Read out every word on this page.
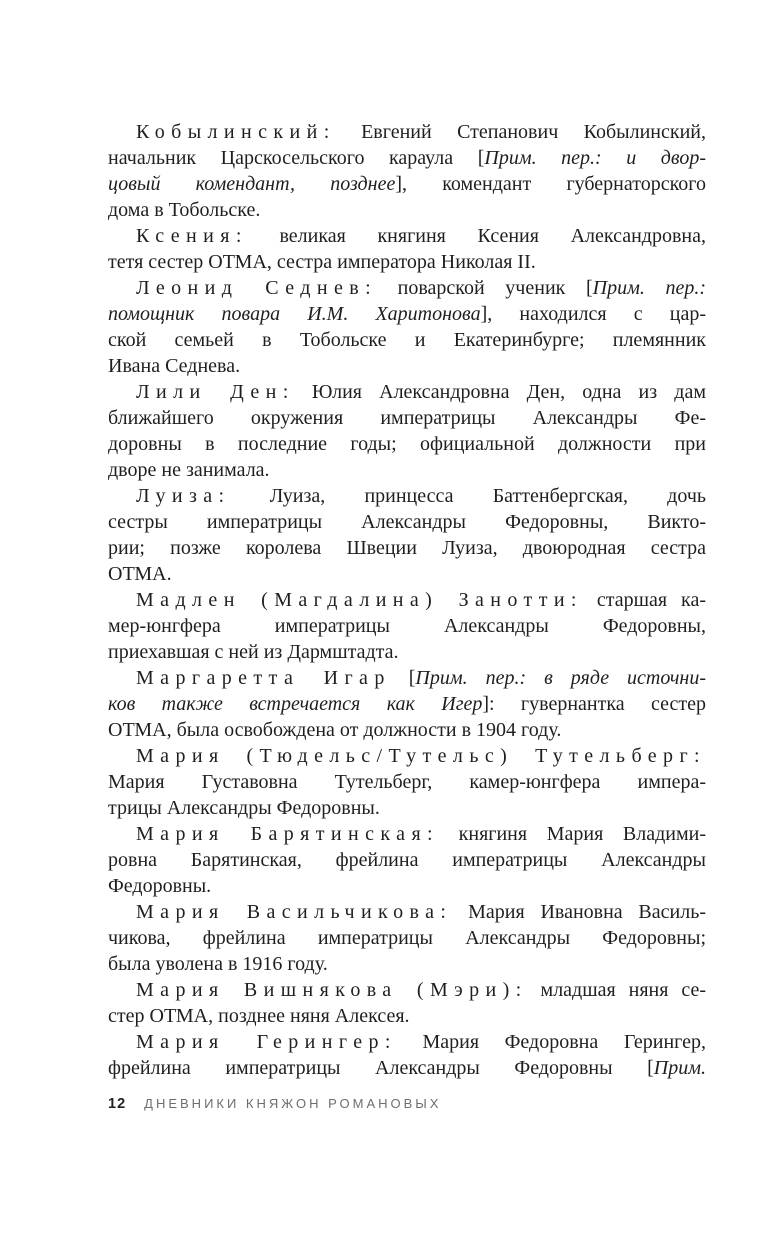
Кобылинский: Евгений Степанович Кобылинский,
начальник Царскосельского караула [Прим. пер.: и двор-
цовый комендант, позднее], комендант губернаторского
дома в Тобольске.
Ксения: великая княгиня Ксения Александровна,
тетя сестер ОТМА, сестра императора Николая II.
Леонид Седнев: поварской ученик [Прим. пер.:
помощник повара И.М. Харитонова], находился с цар-
ской семьей в Тобольске и Екатеринбурге; племянник
Ивана Седнева.
Лили Ден: Юлия Александровна Ден, одна из дам
ближайшего окружения императрицы Александры Фе-
доровны в последние годы; официальной должности при
дворе не занимала.
Луиза: Луиза, принцесса Баттенбергская, дочь
сестры императрицы Александры Федоровны, Викто-
рии; позже королева Швеции Луиза, двоюродная сестра
ОТМА.
Мадлен (Магдалина) Занотти: старшая ка-
мер-юнгфера императрицы Александры Федоровны,
приехавшая с ней из Дармштадта.
Маргаретта Игар [Прим. пер.: в ряде источни-
ков также встречается как Игер]: гувернантка сестер
ОТМА, была освобождена от должности в 1904 году.
Мария (Тюдельс/Тутельс) Тутельберг:
Мария Густавовна Тутельберг, камер-юнгфера импера-
трицы Александры Федоровны.
Мария Барятинская: княгиня Мария Владими-
ровна Барятинская, фрейлина императрицы Александры
Федоровны.
Мария Васильчикова: Мария Ивановна Василь-
чикова, фрейлина императрицы Александры Федоровны;
была уволена в 1916 году.
Мария Вишнякова (Мэри): младшая няня се-
стер ОТМА, позднее няня Алексея.
Мария Герингер: Мария Федоровна Герингер,
фрейлина императрицы Александры Федоровны [Прим.
12 ДНЕВНИКИ КНЯЖОН РОМАНОВЫХ
